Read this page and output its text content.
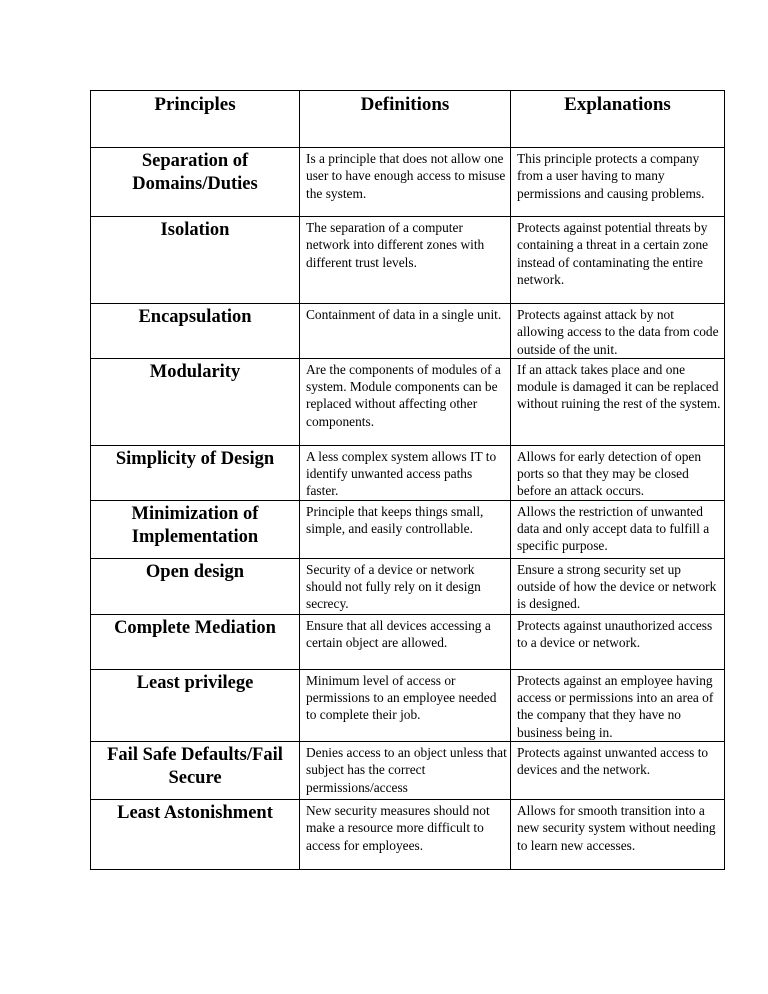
Principles	Definitions	Explanations
Separation of Domains/Duties	Is a principle that does not allow one user to have enough access to misuse the system.	This principle protects a company from a user having to many permissions and causing problems.
Isolation	The separation of a computer network into different zones with different trust levels.	Protects against potential threats by containing a threat in a certain zone instead of contaminating the entire network.
Encapsulation	Containment of data in a single unit.	Protects against attack by not allowing access to the data from code outside of the unit.
Modularity	Are the components of modules of a system. Module components can be replaced without affecting other components.	If an attack takes place and one module is damaged it can be replaced without ruining the rest of the system.
Simplicity of Design	A less complex system allows IT to identify unwanted access paths faster.	Allows for early detection of open ports so that they may be closed before an attack occurs.
Minimization of Implementation	Principle that keeps things small, simple, and easily controllable.	Allows the restriction of unwanted data and only accept data to fulfill a specific purpose.
Open design	Security of a device or network should not fully rely on it design secrecy.	Ensure a strong security set up outside of how the device or network is designed.
Complete Mediation	Ensure that all devices accessing a certain object are allowed.	Protects against unauthorized access to a device or network.
Least privilege	Minimum level of access or permissions to an employee needed to complete their job.	Protects against an employee having access or permissions into an area of the company that they have no business being in.
Fail Safe Defaults/Fail Secure	Denies access to an object unless that subject has the correct permissions/access	Protects against unwanted access to devices and the network.
Least Astonishment	New security measures should not make a resource more difficult to access for employees.	Allows for smooth transition into a new security system without needing to learn new accesses.
